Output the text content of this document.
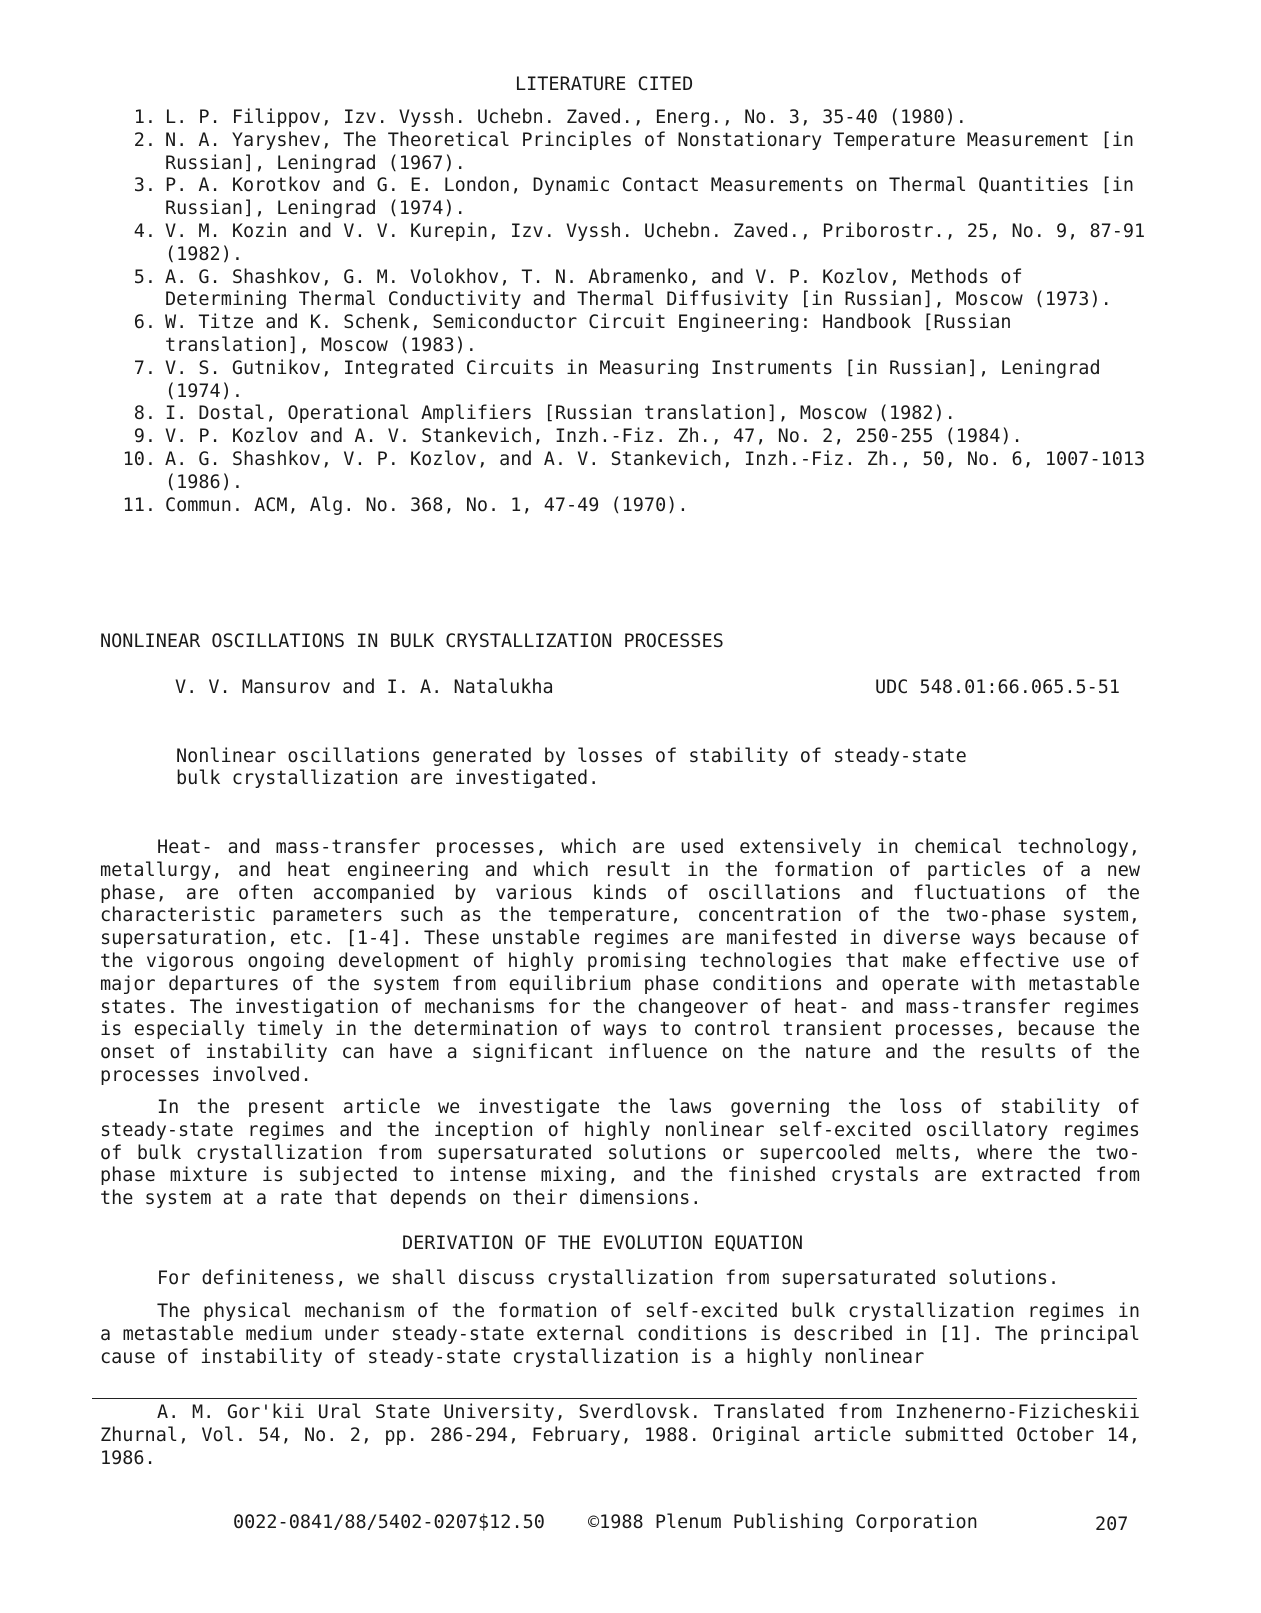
LITERATURE CITED
1. L. P. Filippov, Izv. Vyssh. Uchebn. Zaved., Energ., No. 3, 35-40 (1980).
2. N. A. Yaryshev, The Theoretical Principles of Nonstationary Temperature Measurement [in Russian], Leningrad (1967).
3. P. A. Korotkov and G. E. London, Dynamic Contact Measurements on Thermal Quantities [in Russian], Leningrad (1974).
4. V. M. Kozin and V. V. Kurepin, Izv. Vyssh. Uchebn. Zaved., Priborostr., 25, No. 9, 87-91 (1982).
5. A. G. Shashkov, G. M. Volokhov, T. N. Abramenko, and V. P. Kozlov, Methods of Determining Thermal Conductivity and Thermal Diffusivity [in Russian], Moscow (1973).
6. W. Titze and K. Schenk, Semiconductor Circuit Engineering: Handbook [Russian translation], Moscow (1983).
7. V. S. Gutnikov, Integrated Circuits in Measuring Instruments [in Russian], Leningrad (1974).
8. I. Dostal, Operational Amplifiers [Russian translation], Moscow (1982).
9. V. P. Kozlov and A. V. Stankevich, Inzh.-Fiz. Zh., 47, No. 2, 250-255 (1984).
10. A. G. Shashkov, V. P. Kozlov, and A. V. Stankevich, Inzh.-Fiz. Zh., 50, No. 6, 1007-1013 (1986).
11. Commun. ACM, Alg. No. 368, No. 1, 47-49 (1970).
NONLINEAR OSCILLATIONS IN BULK CRYSTALLIZATION PROCESSES
V. V. Mansurov and I. A. Natalukha	UDC 548.01:66.065.5-51
Nonlinear oscillations generated by losses of stability of steady-state
bulk crystallization are investigated.
Heat- and mass-transfer processes, which are used extensively in chemical technology, metallurgy, and heat engineering and which result in the formation of particles of a new phase, are often accompanied by various kinds of oscillations and fluctuations of the characteristic parameters such as the temperature, concentration of the two-phase system, supersaturation, etc. [1-4]. These unstable regimes are manifested in diverse ways because of the vigorous ongoing development of highly promising technologies that make effective use of major departures of the system from equilibrium phase conditions and operate with metastable states. The investigation of mechanisms for the changeover of heat- and mass-transfer regimes is especially timely in the determination of ways to control transient processes, because the onset of instability can have a significant influence on the nature and the results of the processes involved.
In the present article we investigate the laws governing the loss of stability of steady-state regimes and the inception of highly nonlinear self-excited oscillatory regimes of bulk crystallization from supersaturated solutions or supercooled melts, where the two-phase mixture is subjected to intense mixing, and the finished crystals are extracted from the system at a rate that depends on their dimensions.
DERIVATION OF THE EVOLUTION EQUATION
For definiteness, we shall discuss crystallization from supersaturated solutions.
The physical mechanism of the formation of self-excited bulk crystallization regimes in a metastable medium under steady-state external conditions is described in [1]. The principal cause of instability of steady-state crystallization is a highly nonlinear
A. M. Gor'kii Ural State University, Sverdlovsk. Translated from Inzhenerno-Fizicheskii Zhurnal, Vol. 54, No. 2, pp. 286-294, February, 1988. Original article submitted October 14, 1986.
0022-0841/88/5402-0207$12.50 ©1988 Plenum Publishing Corporation	207
